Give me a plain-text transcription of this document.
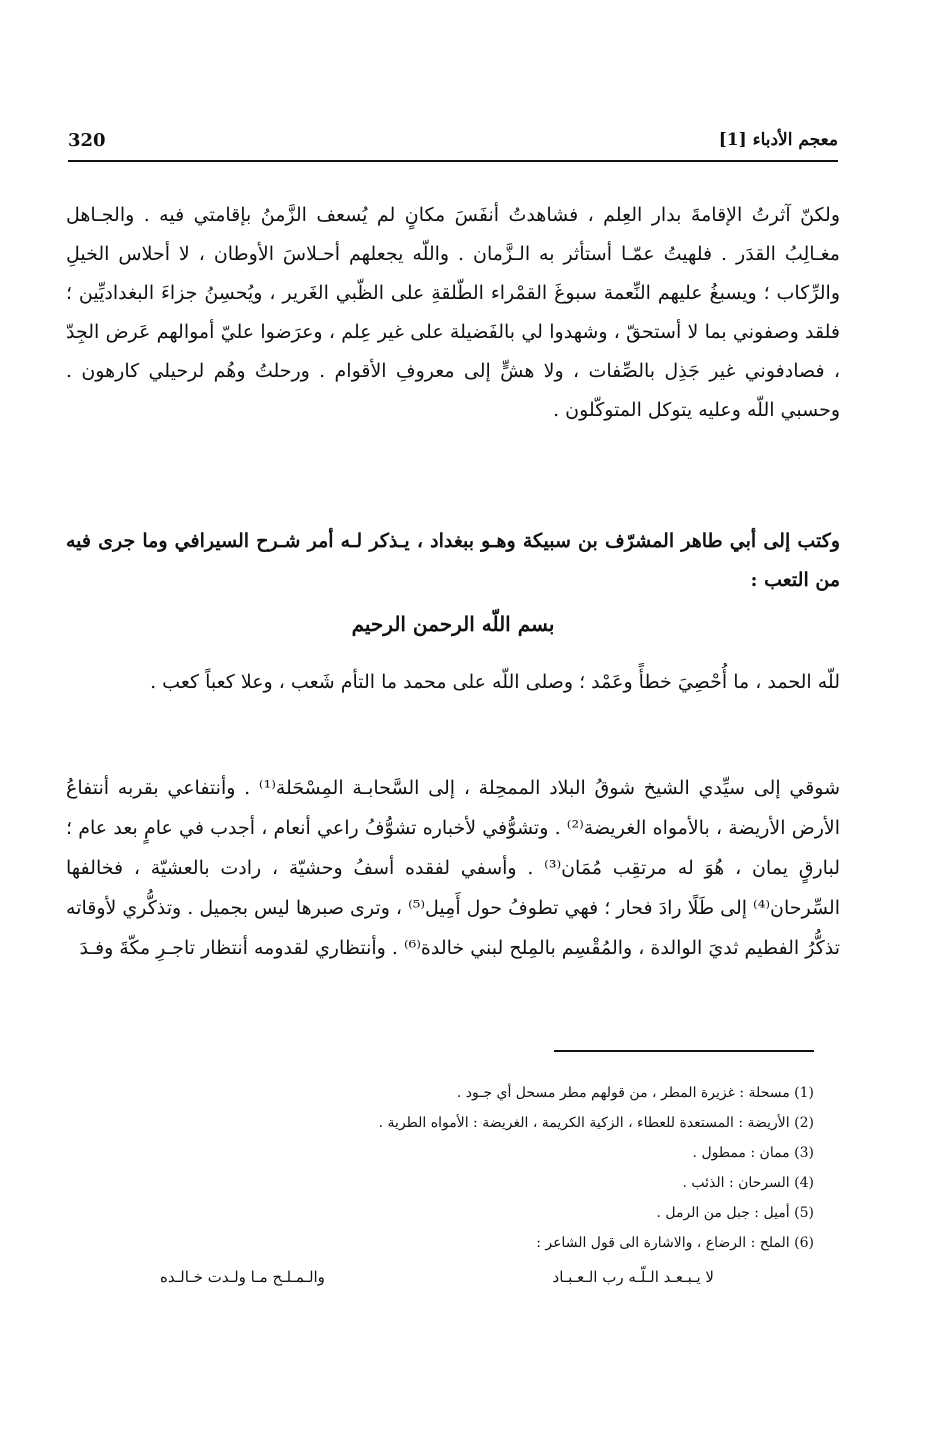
معجم الأدباء [1]
320
ولكنّ آثرتُ الإقامةَ بدار العِلم ، فشاهدتُ أنفَسَ مكانٍ لم يُسعف الزَّمنُ بإقامتي فيه . والجـاهل مغـالِبُ القدَر . فلهيتُ عمّـا أستأثر به الـزَّمان . واللّه يجعلهم أحـلاسَ الأوطان ، لا أحلاس الخيلِ والرِّكاب ؛ ويسبغُ عليهم النِّعمة سبوغَ القمْراء الطّلقةِ على الظّبي الغَرير ، ويُحسِنُ جزاءَ البغداديِّين ؛ فلقد وصفوني بما لا أستحقّ ، وشهدوا لي بالفَضيلة على غير عِلم ، وعرَضوا عليّ أموالهم عَرض الجِدّ ، فصادفوني غير جَذِل بالصِّفات ، ولا هشٍّ إلى معروفِ الأقوام . ورحلتُ وهُم لرحيلي كارهون . وحسبي اللّه وعليه يتوكل المتوكّلون .
وكتب إلى أبي طاهر المشرّف بن سبيكة وهـو ببغداد ، يـذكر لـه أمر شـرح السيرافي وما جرى فيه من التعب :
بسم اللّه الرحمن الرحيم
للّه الحمد ، ما أُحْصِيَ خطأً وعَمْد ؛ وصلى اللّه على محمد ما التأم شَعب ، وعلا كعباً كعب .
شوقي إلى سيِّدي الشيخ شوقُ البلاد الممحِلة ، إلى السَّحابـة المِسْحَلة⁽¹⁾ . وأنتفاعي بقربه أنتفاعُ الأرض الأريضة ، بالأمواه الغريضة⁽²⁾ . وتشوُّفي لأخباره تشوُّفُ راعي أنعام ، أجدب في عامٍ بعد عام ؛ لبارقٍ يمان ، هُوَ له مرتقِب مُمَان⁽³⁾ . وأسفي لفقده أسفُ وحشيّة ، رادت بالعشيّة ، فخالفها السِّرحان⁽⁴⁾ إلى طَلًا رادَ فحار ؛ فهي تطوفُ حول أَمِيل⁽⁵⁾ ، وترى صبرها ليس بجميل . وتذكُّري لأوقاته تذكُّرُ الفطيم ثديَ الوالدة ، والمُقْسِم بالمِلح لبني خالدة⁽⁶⁾ . وأنتظاري لقدومه أنتظار تاجـرِ مكّةَ وفـدَ
(1) مسحلة : غزيرة المطر ، من قولهم مطر مسحل أي جـود .
(2) الأريضة : المستعدة للعطاء ، الزكية الكريمة ، الغريضة : الأمواه الطرية .
(3) ممان : ممطول .
(4) السرحان : الذئب .
(5) أميل : جبل من الرمل .
(6) الملح : الرضاع ، والاشارة الى قول الشاعر :
لا يـبـعـد الـلّـه رب الـعـبـاد
والـمـلـح مـا ولـدت خـالـده
